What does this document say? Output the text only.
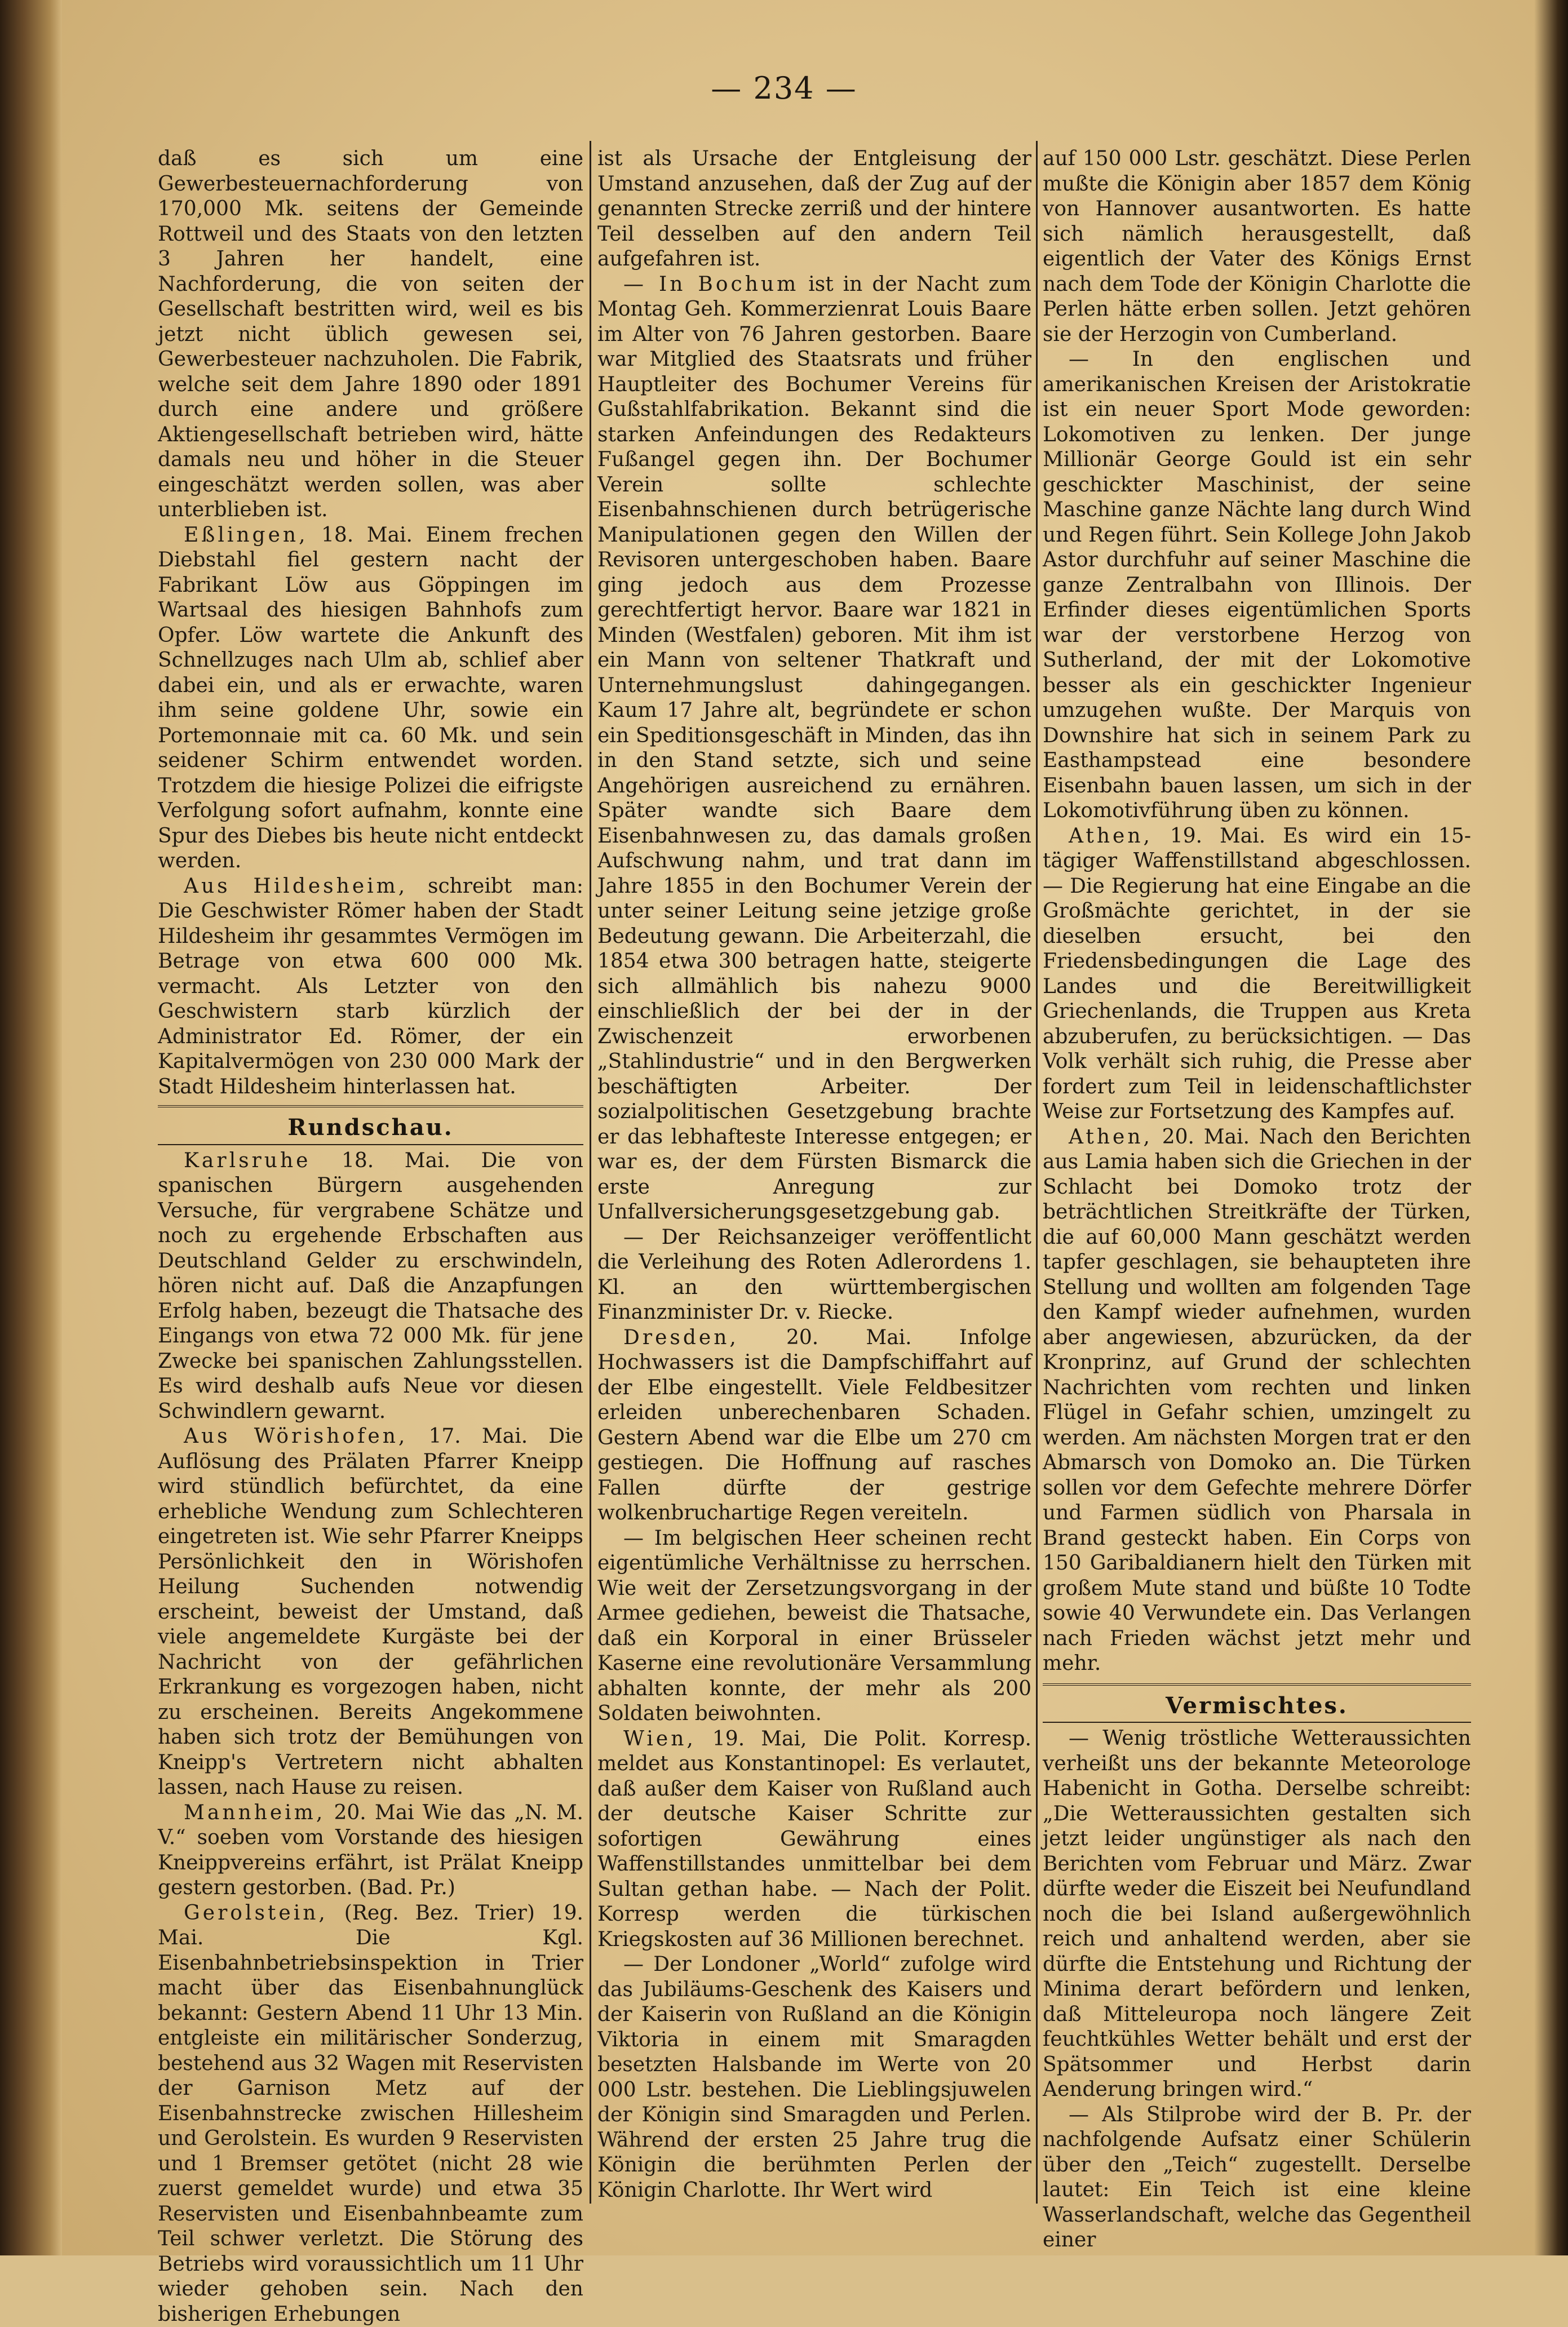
— 234 —

daß es sich um eine Gewerbesteuernachforderung von 170,000 Mk. seitens der Gemeinde Rottweil und des Staats von den letzten 3 Jahren her handelt, eine Nachforderung, die von seiten der Gesellschaft bestritten wird, weil es bis jetzt nicht üblich gewesen sei, Gewerbesteuer nachzuholen. Die Fabrik, welche seit dem Jahre 1890 oder 1891 durch eine andere und größere Aktiengesellschaft betrieben wird, hätte damals neu und höher in die Steuer eingeschätzt werden sollen, was aber unterblieben ist.

Eßlingen, 18. Mai. Einem frechen Diebstahl fiel gestern nacht der Fabrikant Löw aus Göppingen im Wartsaal des hiesigen Bahnhofs zum Opfer. Löw wartete die Ankunft des Schnellzuges nach Ulm ab, schlief aber dabei ein, und als er erwachte, waren ihm seine goldene Uhr, sowie ein Portemonnaie mit ca. 60 Mk. und sein seidener Schirm entwendet worden. Trotzdem die hiesige Polizei die eifrigste Verfolgung sofort aufnahm, konnte eine Spur des Diebes bis heute nicht entdeckt werden.

Aus Hildesheim, schreibt man: Die Geschwister Römer haben der Stadt Hildesheim ihr gesammtes Vermögen im Betrage von etwa 600 000 Mk. vermacht. Als Letzter von den Geschwistern starb kürzlich der Administrator Ed. Römer, der ein Kapitalvermögen von 230 000 Mark der Stadt Hildesheim hinterlassen hat.

Rundschau.

Karlsruhe 18. Mai. Die von spanischen Bürgern ausgehenden Versuche, für vergrabene Schätze und noch zu ergehende Erbschaften aus Deutschland Gelder zu erschwindeln, hören nicht auf. Daß die Anzapfungen Erfolg haben, bezeugt die Thatsache des Eingangs von etwa 72 000 Mk. für jene Zwecke bei spanischen Zahlungsstellen. Es wird deshalb aufs Neue vor diesen Schwindlern gewarnt.

Aus Wörishofen, 17. Mai. Die Auflösung des Prälaten Pfarrer Kneipp wird stündlich befürchtet, da eine erhebliche Wendung zum Schlechteren eingetreten ist. Wie sehr Pfarrer Kneipps Persönlichkeit den in Wörishofen Heilung Suchenden notwendig erscheint, beweist der Umstand, daß viele angemeldete Kurgäste bei der Nachricht von der gefährlichen Erkrankung es vorgezogen haben, nicht zu erscheinen. Bereits Angekommene haben sich trotz der Bemühungen von Kneipp's Vertretern nicht abhalten lassen, nach Hause zu reisen.

Mannheim, 20. Mai Wie das „N. M. V.“ soeben vom Vorstande des hiesigen Kneippvereins erfährt, ist Prälat Kneipp gestern gestorben. (Bad. Pr.)

Gerolstein, (Reg. Bez. Trier) 19. Mai. Die Kgl. Eisenbahnbetriebsinspektion in Trier macht über das Eisenbahnunglück bekannt: Gestern Abend 11 Uhr 13 Min. entgleiste ein militärischer Sonderzug, bestehend aus 32 Wagen mit Reservisten der Garnison Metz auf der Eisenbahnstrecke zwischen Hillesheim und Gerolstein. Es wurden 9 Reservisten und 1 Bremser getötet (nicht 28 wie zuerst gemeldet wurde) und etwa 35 Reservisten und Eisenbahnbeamte zum Teil schwer verletzt. Die Störung des Betriebs wird voraussichtlich um 11 Uhr wieder gehoben sein. Nach den bisherigen Erhebungen

ist als Ursache der Entgleisung der Umstand anzusehen, daß der Zug auf der genannten Strecke zerriß und der hintere Teil desselben auf den andern Teil aufgefahren ist.

— In Bochum ist in der Nacht zum Montag Geh. Kommerzienrat Louis Baare im Alter von 76 Jahren gestorben. Baare war Mitglied des Staatsrats und früher Hauptleiter des Bochumer Vereins für Gußstahlfabrikation. Bekannt sind die starken Anfeindungen des Redakteurs Fußangel gegen ihn. Der Bochumer Verein sollte schlechte Eisenbahnschienen durch betrügerische Manipulationen gegen den Willen der Revisoren untergeschoben haben. Baare ging jedoch aus dem Prozesse gerechtfertigt hervor. Baare war 1821 in Minden (Westfalen) geboren. Mit ihm ist ein Mann von seltener Thatkraft und Unternehmungslust dahingegangen. Kaum 17 Jahre alt, begründete er schon ein Speditionsgeschäft in Minden, das ihn in den Stand setzte, sich und seine Angehörigen ausreichend zu ernähren. Später wandte sich Baare dem Eisenbahnwesen zu, das damals großen Aufschwung nahm, und trat dann im Jahre 1855 in den Bochumer Verein der unter seiner Leitung seine jetzige große Bedeutung gewann. Die Arbeiterzahl, die 1854 etwa 300 betragen hatte, steigerte sich allmählich bis nahezu 9000 einschließlich der bei der in der Zwischenzeit erworbenen „Stahlindustrie“ und in den Bergwerken beschäftigten Arbeiter. Der sozialpolitischen Gesetzgebung brachte er das lebhafteste Interesse entgegen; er war es, der dem Fürsten Bismarck die erste Anregung zur Unfallversicherungsgesetzgebung gab.

— Der Reichsanzeiger veröffentlicht die Verleihung des Roten Adlerordens 1. Kl. an den württembergischen Finanzminister Dr. v. Riecke.

Dresden, 20. Mai. Infolge Hochwassers ist die Dampfschiffahrt auf der Elbe eingestellt. Viele Feldbesitzer erleiden unberechenbaren Schaden. Gestern Abend war die Elbe um 270 cm gestiegen. Die Hoffnung auf rasches Fallen dürfte der gestrige wolkenbruchartige Regen vereiteln.

— Im belgischen Heer scheinen recht eigentümliche Verhältnisse zu herrschen. Wie weit der Zersetzungsvorgang in der Armee gediehen, beweist die Thatsache, daß ein Korporal in einer Brüsseler Kaserne eine revolutionäre Versammlung abhalten konnte, der mehr als 200 Soldaten beiwohnten.

Wien, 19. Mai, Die Polit. Korresp. meldet aus Konstantinopel: Es verlautet, daß außer dem Kaiser von Rußland auch der deutsche Kaiser Schritte zur sofortigen Gewährung eines Waffenstillstandes unmittelbar bei dem Sultan gethan habe. — Nach der Polit. Korresp werden die türkischen Kriegskosten auf 36 Millionen berechnet.

— Der Londoner „World“ zufolge wird das Jubiläums-Geschenk des Kaisers und der Kaiserin von Rußland an die Königin Viktoria in einem mit Smaragden besetzten Halsbande im Werte von 20 000 Lstr. bestehen. Die Lieblingsjuwelen der Königin sind Smaragden und Perlen. Während der ersten 25 Jahre trug die Königin die berühmten Perlen der Königin Charlotte. Ihr Wert wird

auf 150 000 Lstr. geschätzt. Diese Perlen mußte die Königin aber 1857 dem König von Hannover ausantworten. Es hatte sich nämlich herausgestellt, daß eigentlich der Vater des Königs Ernst nach dem Tode der Königin Charlotte die Perlen hätte erben sollen. Jetzt gehören sie der Herzogin von Cumberland.

— In den englischen und amerikanischen Kreisen der Aristokratie ist ein neuer Sport Mode geworden: Lokomotiven zu lenken. Der junge Millionär George Gould ist ein sehr geschickter Maschinist, der seine Maschine ganze Nächte lang durch Wind und Regen führt. Sein Kollege John Jakob Astor durchfuhr auf seiner Maschine die ganze Zentralbahn von Illinois. Der Erfinder dieses eigentümlichen Sports war der verstorbene Herzog von Sutherland, der mit der Lokomotive besser als ein geschickter Ingenieur umzugehen wußte. Der Marquis von Downshire hat sich in seinem Park zu Easthampstead eine besondere Eisenbahn bauen lassen, um sich in der Lokomotivführung üben zu können.

Athen, 19. Mai. Es wird ein 15-tägiger Waffenstillstand abgeschlossen. — Die Regierung hat eine Eingabe an die Großmächte gerichtet, in der sie dieselben ersucht, bei den Friedensbedingungen die Lage des Landes und die Bereitwilligkeit Griechenlands, die Truppen aus Kreta abzuberufen, zu berücksichtigen. — Das Volk verhält sich ruhig, die Presse aber fordert zum Teil in leidenschaftlichster Weise zur Fortsetzung des Kampfes auf.

Athen, 20. Mai. Nach den Berichten aus Lamia haben sich die Griechen in der Schlacht bei Domoko trotz der beträchtlichen Streitkräfte der Türken, die auf 60,000 Mann geschätzt werden tapfer geschlagen, sie behaupteten ihre Stellung und wollten am folgenden Tage den Kampf wieder aufnehmen, wurden aber angewiesen, abzurücken, da der Kronprinz, auf Grund der schlechten Nachrichten vom rechten und linken Flügel in Gefahr schien, umzingelt zu werden. Am nächsten Morgen trat er den Abmarsch von Domoko an. Die Türken sollen vor dem Gefechte mehrere Dörfer und Farmen südlich von Pharsala in Brand gesteckt haben. Ein Corps von 150 Garibaldianern hielt den Türken mit großem Mute stand und büßte 10 Todte sowie 40 Verwundete ein. Das Verlangen nach Frieden wächst jetzt mehr und mehr.

Vermischtes.

— Wenig tröstliche Wetteraussichten verheißt uns der bekannte Meteorologe Habenicht in Gotha. Derselbe schreibt: „Die Wetteraussichten gestalten sich jetzt leider ungünstiger als nach den Berichten vom Februar und März. Zwar dürfte weder die Eiszeit bei Neufundland noch die bei Island außergewöhnlich reich und anhaltend werden, aber sie dürfte die Entstehung und Richtung der Minima derart befördern und lenken, daß Mitteleuropa noch längere Zeit feuchtkühles Wetter behält und erst der Spätsommer und Herbst darin Aenderung bringen wird.“

— Als Stilprobe wird der B. Pr. der nachfolgende Aufsatz einer Schülerin über den „Teich“ zugestellt. Derselbe lautet: Ein Teich ist eine kleine Wasserlandschaft, welche das Gegentheil einer
